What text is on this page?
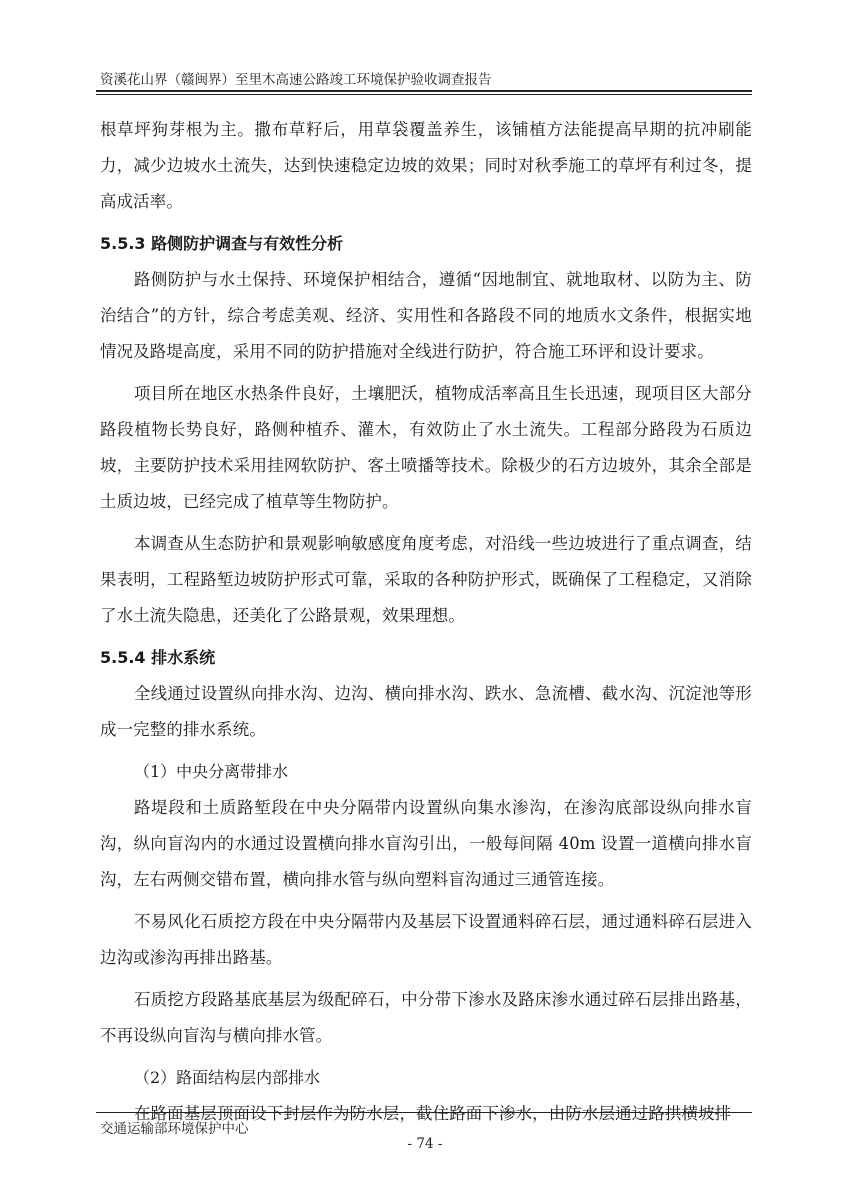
资溪花山界（赣闽界）至里木高速公路竣工环境保护验收调查报告

根草坪狗芽根为主。撒布草籽后，用草袋覆盖养生，该铺植方法能提高早期的抗冲刷能力，减少边坡水土流失，达到快速稳定边坡的效果；同时对秋季施工的草坪有利过冬，提高成活率。

5.5.3 路侧防护调查与有效性分析

路侧防护与水土保持、环境保护相结合，遵循“因地制宜、就地取材、以防为主、防治结合”的方针，综合考虑美观、经济、实用性和各路段不同的地质水文条件，根据实地情况及路堤高度，采用不同的防护措施对全线进行防护，符合施工环评和设计要求。

项目所在地区水热条件良好，土壤肥沃，植物成活率高且生长迅速，现项目区大部分路段植物长势良好，路侧种植乔、灌木，有效防止了水土流失。工程部分路段为石质边坡，主要防护技术采用挂网软防护、客土喷播等技术。除极少的石方边坡外，其余全部是土质边坡，已经完成了植草等生物防护。

本调查从生态防护和景观影响敏感度角度考虑，对沿线一些边坡进行了重点调查，结果表明，工程路堑边坡防护形式可靠，采取的各种防护形式，既确保了工程稳定，又消除了水土流失隐患，还美化了公路景观，效果理想。

5.5.4 排水系统

全线通过设置纵向排水沟、边沟、横向排水沟、跌水、急流槽、截水沟、沉淀池等形成一完整的排水系统。

（1）中央分离带排水

路堤段和土质路堑段在中央分隔带内设置纵向集水渗沟，在渗沟底部设纵向排水盲沟，纵向盲沟内的水通过设置横向排水盲沟引出，一般每间隔 40m 设置一道横向排水盲沟，左右两侧交错布置，横向排水管与纵向塑料盲沟通过三通管连接。

不易风化石质挖方段在中央分隔带内及基层下设置通料碎石层，通过通料碎石层进入边沟或渗沟再排出路基。

石质挖方段路基底基层为级配碎石，中分带下渗水及路床渗水通过碎石层排出路基，不再设纵向盲沟与横向排水管。

（2）路面结构层内部排水

在路面基层顶面设下封层作为防水层，截住路面下渗水，由防水层通过路拱横坡排

交通运输部环境保护中心
- 74 -
